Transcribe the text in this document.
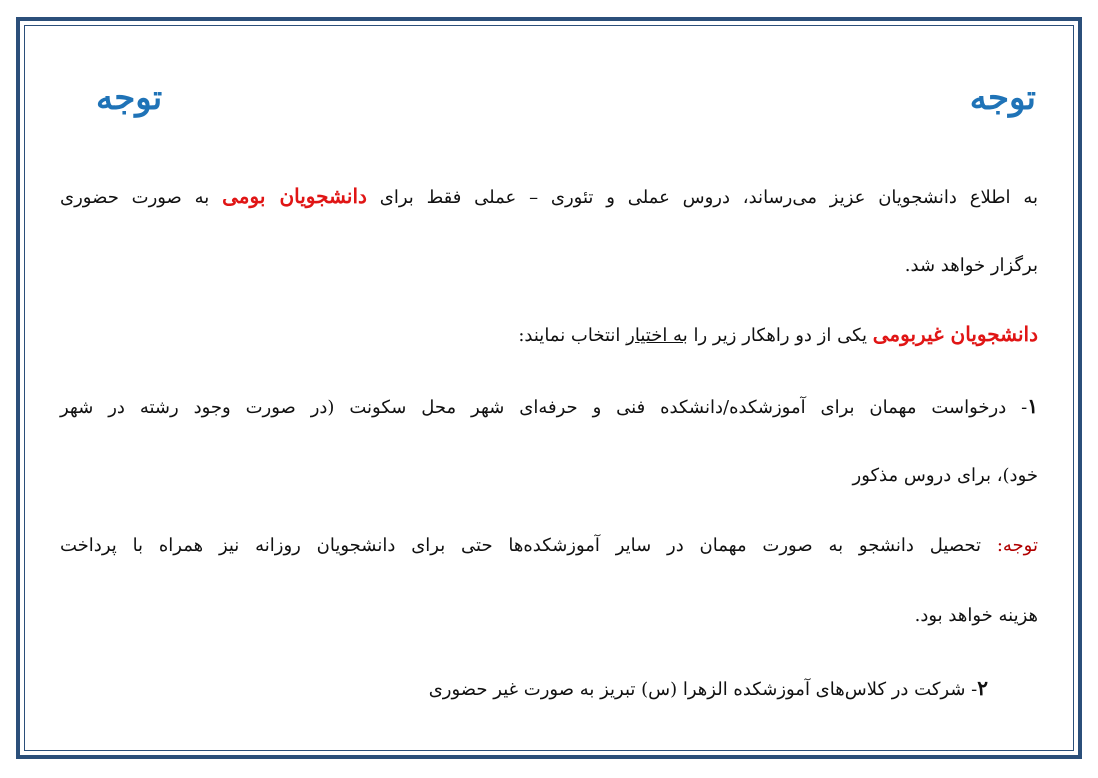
توجه
توجه
به اطلاع دانشجویان عزیز می‌رساند، دروس عملی و تئوری – عملی فقط برای دانشجویان بومی به صورت حضوری
برگزار خواهد شد.
دانشجویان غیربومی یکی از دو راهکار زیر را به اختیار انتخاب نمایند:
۱- درخواست مهمان برای آموزشکده/دانشکده فنی و حرفه‌ای شهر محل سکونت (در صورت وجود رشته در شهر
خود)، برای دروس مذکور
توجه: تحصیل دانشجو به صورت مهمان در سایر آموزشکده‌ها حتی برای دانشجویان روزانه نیز همراه با پرداخت
هزینه خواهد بود.
۲- شرکت در کلاس‌های آموزشکده الزهرا (س) تبریز به صورت غیر حضوری
